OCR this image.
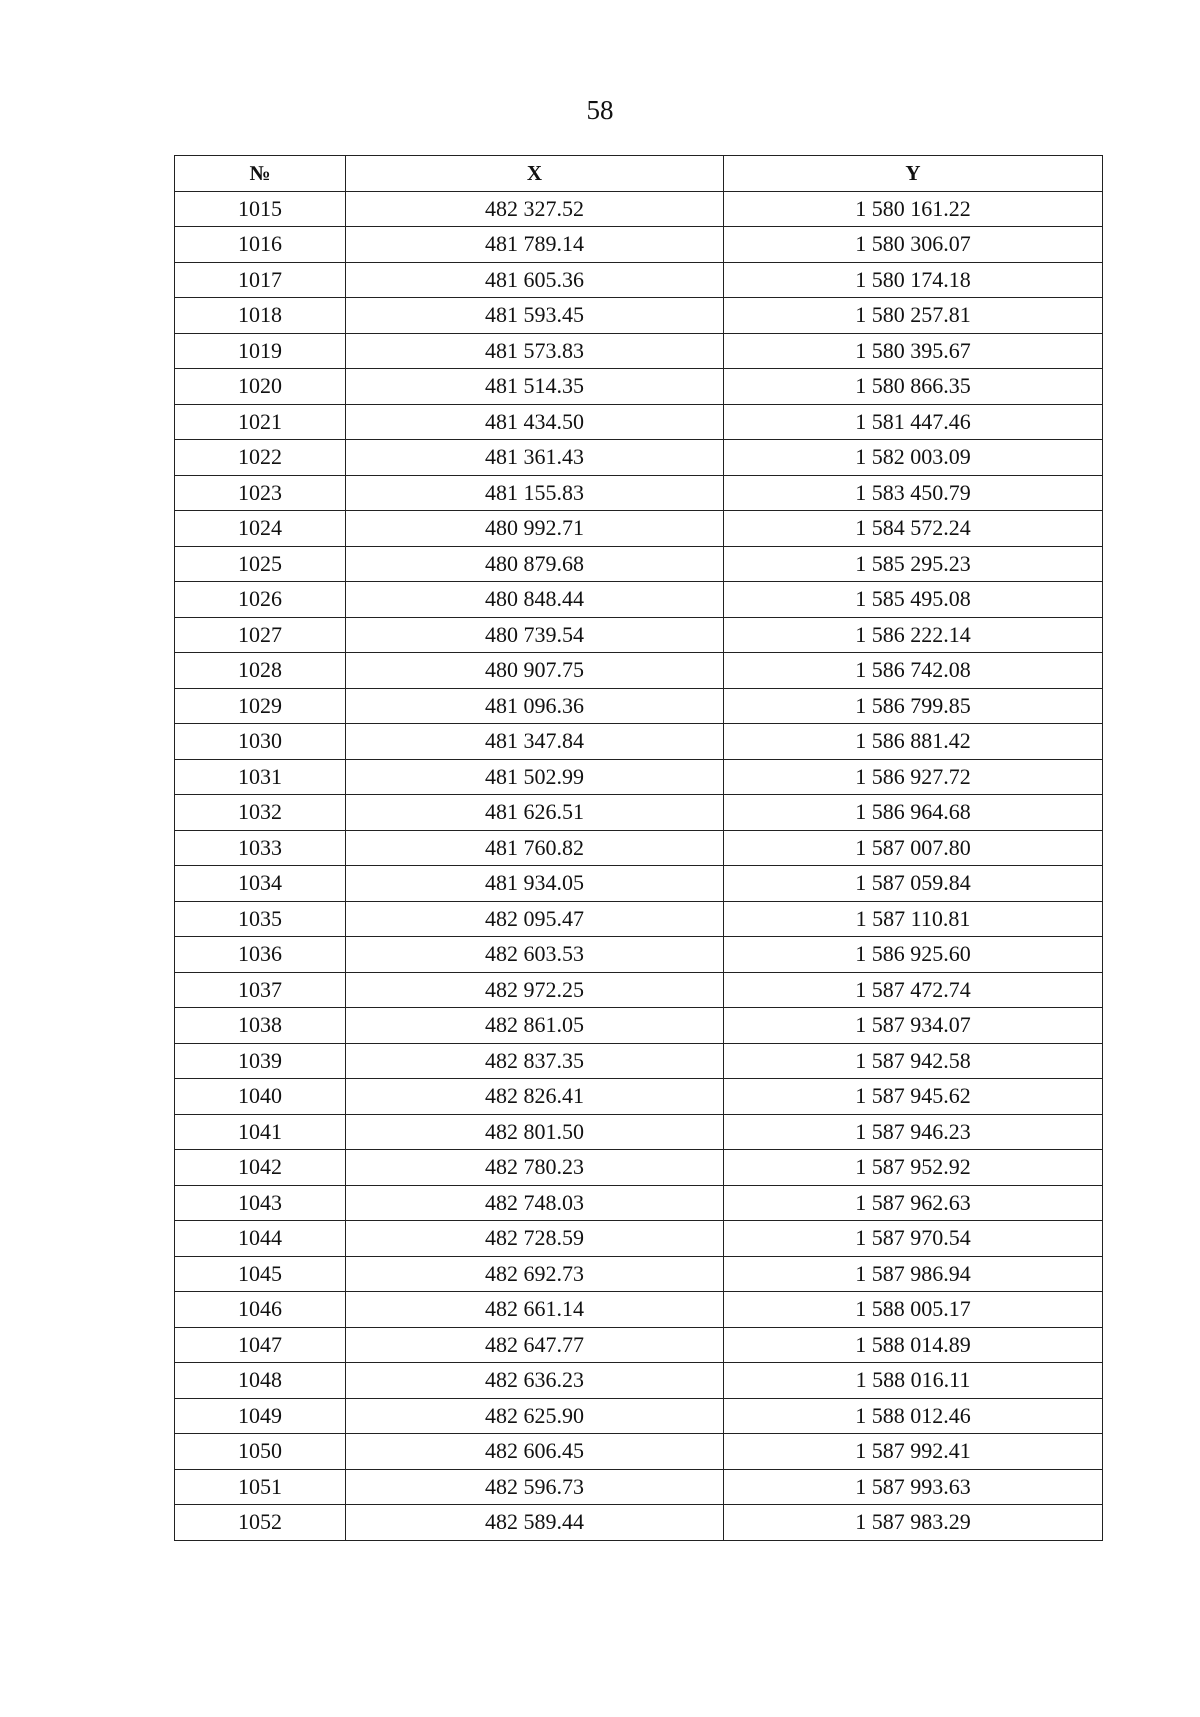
58
№	X	Y
1015	482 327.52	1 580 161.22
1016	481 789.14	1 580 306.07
1017	481 605.36	1 580 174.18
1018	481 593.45	1 580 257.81
1019	481 573.83	1 580 395.67
1020	481 514.35	1 580 866.35
1021	481 434.50	1 581 447.46
1022	481 361.43	1 582 003.09
1023	481 155.83	1 583 450.79
1024	480 992.71	1 584 572.24
1025	480 879.68	1 585 295.23
1026	480 848.44	1 585 495.08
1027	480 739.54	1 586 222.14
1028	480 907.75	1 586 742.08
1029	481 096.36	1 586 799.85
1030	481 347.84	1 586 881.42
1031	481 502.99	1 586 927.72
1032	481 626.51	1 586 964.68
1033	481 760.82	1 587 007.80
1034	481 934.05	1 587 059.84
1035	482 095.47	1 587 110.81
1036	482 603.53	1 586 925.60
1037	482 972.25	1 587 472.74
1038	482 861.05	1 587 934.07
1039	482 837.35	1 587 942.58
1040	482 826.41	1 587 945.62
1041	482 801.50	1 587 946.23
1042	482 780.23	1 587 952.92
1043	482 748.03	1 587 962.63
1044	482 728.59	1 587 970.54
1045	482 692.73	1 587 986.94
1046	482 661.14	1 588 005.17
1047	482 647.77	1 588 014.89
1048	482 636.23	1 588 016.11
1049	482 625.90	1 588 012.46
1050	482 606.45	1 587 992.41
1051	482 596.73	1 587 993.63
1052	482 589.44	1 587 983.29
